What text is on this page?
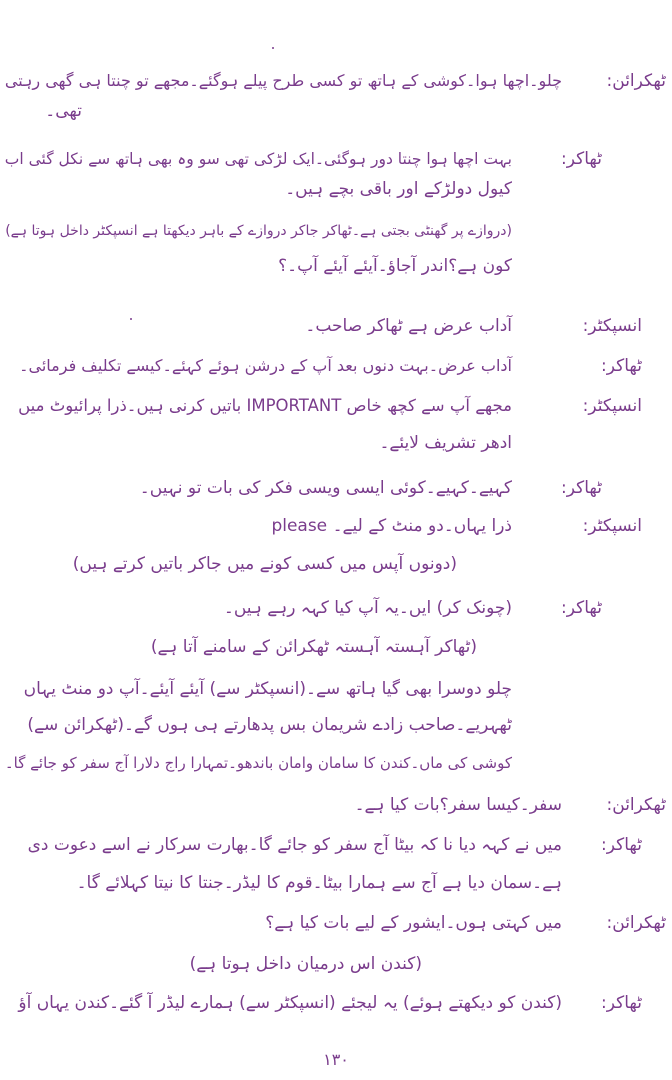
ٹھکرائن:
چلو۔اچھا ہوا۔کوشی کے ہاتھ تو کسی طرح پیلے ہوگئے۔مجھے تو چنتا ہی گھی رہتی
تھی۔
ٹھاکر:
بہت اچھا ہوا چنتا دور ہوگئی۔ایک لڑکی تھی سو وہ بھی ہاتھ سے نکل گئی اب
کیول دولڑکے اور باقی بچے ہیں۔
(دروازے پر گھنٹی بجتی ہے۔ٹھاکر جاکر دروازے کے باہر دیکھتا ہے انسپکٹر داخل ہوتا ہے)
کون ہے؟اندر آجاؤ۔آیئے آیئے آپ۔؟
انسپکٹر:
آداب عرض ہے ٹھاکر صاحب۔
ٹھاکر:
آداب عرض۔بہت دنوں بعد آپ کے درشن ہوئے کہئے۔کیسے تکلیف فرمائی۔
انسپکٹر:
مجھے آپ سے کچھ خاص IMPORTANT باتیں کرنی ہیں۔ذرا پرائیوٹ میں
ادھر تشریف لایئے۔
ٹھاکر:
کہیے۔کہیے۔کوئی ایسی ویسی فکر کی بات تو نہیں۔
انسپکٹر:
please ذرا یہاں۔دو منٹ کے لیے۔
(دونوں آپس میں کسی کونے میں جاکر باتیں کرتے ہیں)
ٹھاکر:
(چونک کر) ایں۔یہ آپ کیا کہہ رہے ہیں۔
(ٹھاکر آہستہ آہستہ ٹھکرائن کے سامنے آتا ہے)
چلو دوسرا بھی گیا ہاتھ سے۔(انسپکٹر سے) آیئے آیئے۔آپ دو منٹ یہاں
ٹھہریے۔صاحب زادے شریمان بس پدھارتے ہی ہوں گے۔(ٹھکرائن سے)
کوشی کی ماں۔کندن کا سامان وامان باندھو۔تمہارا راج دلارا آج سفر کو جائے گا۔
ٹھکرائن:
سفر۔کیسا سفر؟بات کیا ہے۔
ٹھاکر:
میں نے کہہ دیا نا کہ بیٹا آج سفر کو جائے گا۔بھارت سرکار نے اسے دعوت دی
ہے۔سمان دیا ہے آج سے ہمارا بیٹا۔قوم کا لیڈر۔جنتا کا نیتا کہلائے گا۔
ٹھکرائن:
میں کہتی ہوں۔ایشور کے لیے بات کیا ہے؟
(کندن اس درمیان داخل ہوتا ہے)
ٹھاکر:
(کندن کو دیکھتے ہوئے) یہ لیجئے (انسپکٹر سے) ہمارے لیڈر آ گئے۔کندن یہاں آؤ
۱۳۰
